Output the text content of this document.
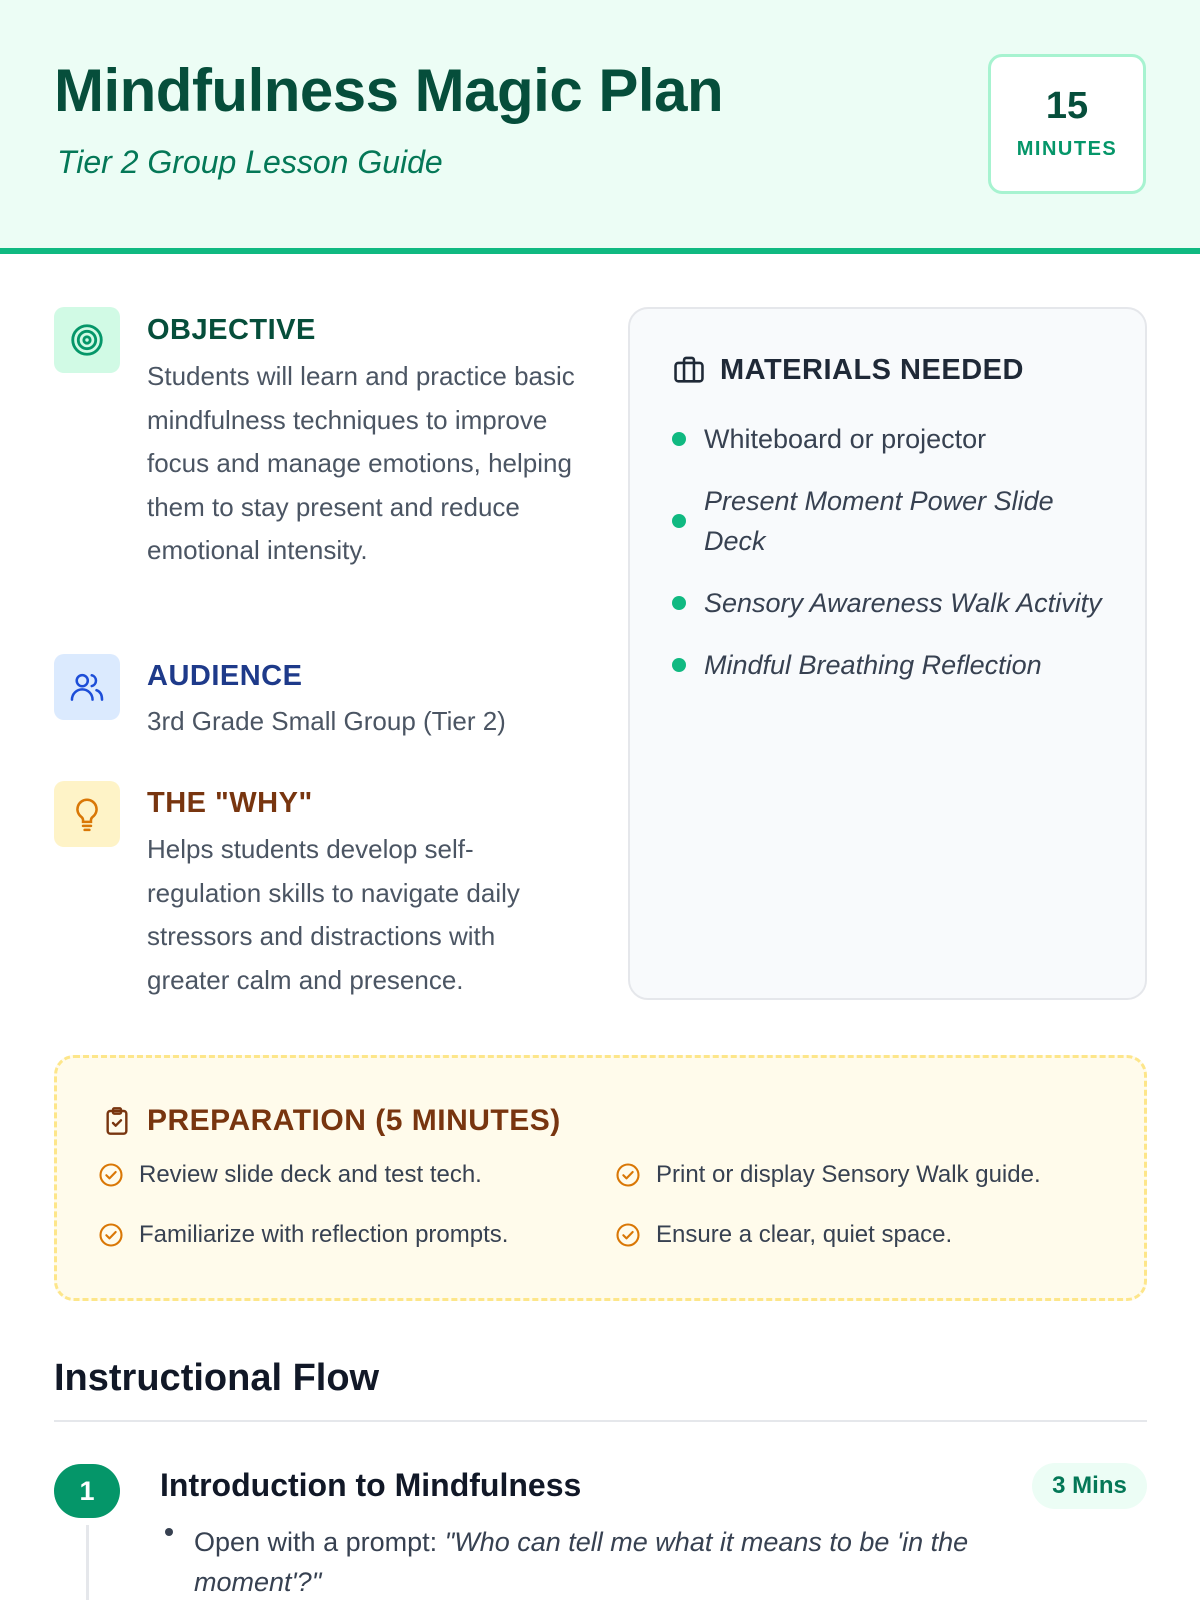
Mindfulness Magic Plan
Tier 2 Group Lesson Guide
15
MINUTES
OBJECTIVE

Students will learn and practice basic mindfulness techniques to improve focus and manage emotions, helping them to stay present and reduce emotional intensity.

AUDIENCE

3rd Grade Small Group (Tier 2)

THE "WHY"

Helps students develop self-regulation skills to navigate daily stressors and distractions with greater calm and presence.

MATERIALS NEEDED
Whiteboard or projector
Present Moment Power Slide Deck
Sensory Awareness Walk Activity
Mindful Breathing Reflection
PREPARATION (5 MINUTES)
Review slide deck and test tech.	Print or display Sensory Walk guide.
Familiarize with reflection prompts.	Ensure a clear, quiet space.
Instructional Flow
1	Introduction to Mindfulness	3 Mins

Open with a prompt: "Who can tell me what it means to be 'in the moment'?"
